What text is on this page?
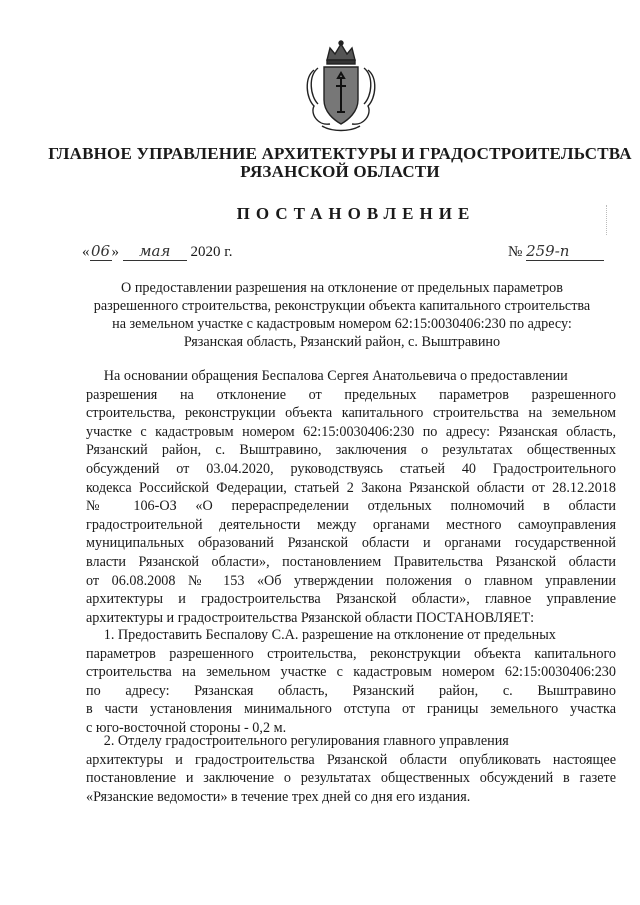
ГЛАВНОЕ УПРАВЛЕНИЕ АРХИТЕКТУРЫ И ГРАДОСТРОИТЕЛЬСТВА
РЯЗАНСКОЙ ОБЛАСТИ
ПОСТАНОВЛЕНИЕ
«06» мая 2020 г.	№ 259-п
О предоставлении разрешения на отклонение от предельных параметров
разрешенного строительства, реконструкции объекта капитального строительства
на земельном участке с кадастровым номером 62:15:0030406:230 по адресу:
Рязанская область, Рязанский район, с. Выштравино
На основании обращения Беспалова Сергея Анатольевича о предоставлении
разрешения на отклонение от предельных параметров разрешенного
строительства, реконструкции объекта капитального строительства на земельном
участке с кадастровым номером 62:15:0030406:230 по адресу: Рязанская область,
Рязанский район, с. Выштравино, заключения о результатах общественных
обсуждений от 03.04.2020, руководствуясь статьей 40 Градостроительного
кодекса Российской Федерации, статьей 2 Закона Рязанской области от 28.12.2018
№ 106-ОЗ «О перераспределении отдельных полномочий в области
градостроительной деятельности между органами местного самоуправления
муниципальных образований Рязанской области и органами государственной
власти Рязанской области», постановлением Правительства Рязанской области
от 06.08.2008 № 153 «Об утверждении положения о главном управлении
архитектуры и градостроительства Рязанской области», главное управление
архитектуры и градостроительства Рязанской области ПОСТАНОВЛЯЕТ:
1. Предоставить Беспалову С.А. разрешение на отклонение от предельных
параметров разрешенного строительства, реконструкции объекта капитального
строительства на земельном участке с кадастровым номером 62:15:0030406:230
по адресу: Рязанская область, Рязанский район, с. Выштравино
в части установления минимального отступа от границы земельного участка
с юго-восточной стороны - 0,2 м.
2. Отделу градостроительного регулирования главного управления
архитектуры и градостроительства Рязанской области опубликовать настоящее
постановление и заключение о результатах общественных обсуждений в газете
«Рязанские ведомости» в течение трех дней со дня его издания.
